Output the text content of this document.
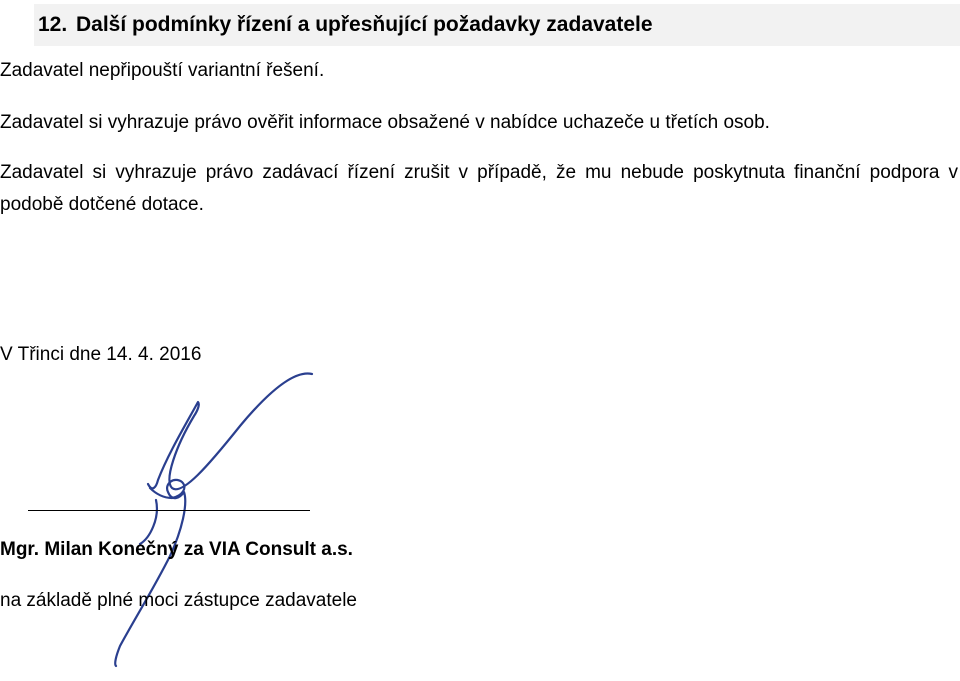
12. Další podmínky řízení a upřesňující požadavky zadavatele

Zadavatel nepřipouští variantní řešení.

Zadavatel si vyhrazuje právo ověřit informace obsažené v nabídce uchazeče u třetích osob.

Zadavatel si vyhrazuje právo zadávací řízení zrušit v případě, že mu nebude poskytnuta finanční podpora v podobě dotčené dotace.

V Třinci dne 14. 4. 2016

Mgr. Milan Konečný za VIA Consult a.s.

na základě plné moci zástupce zadavatele
